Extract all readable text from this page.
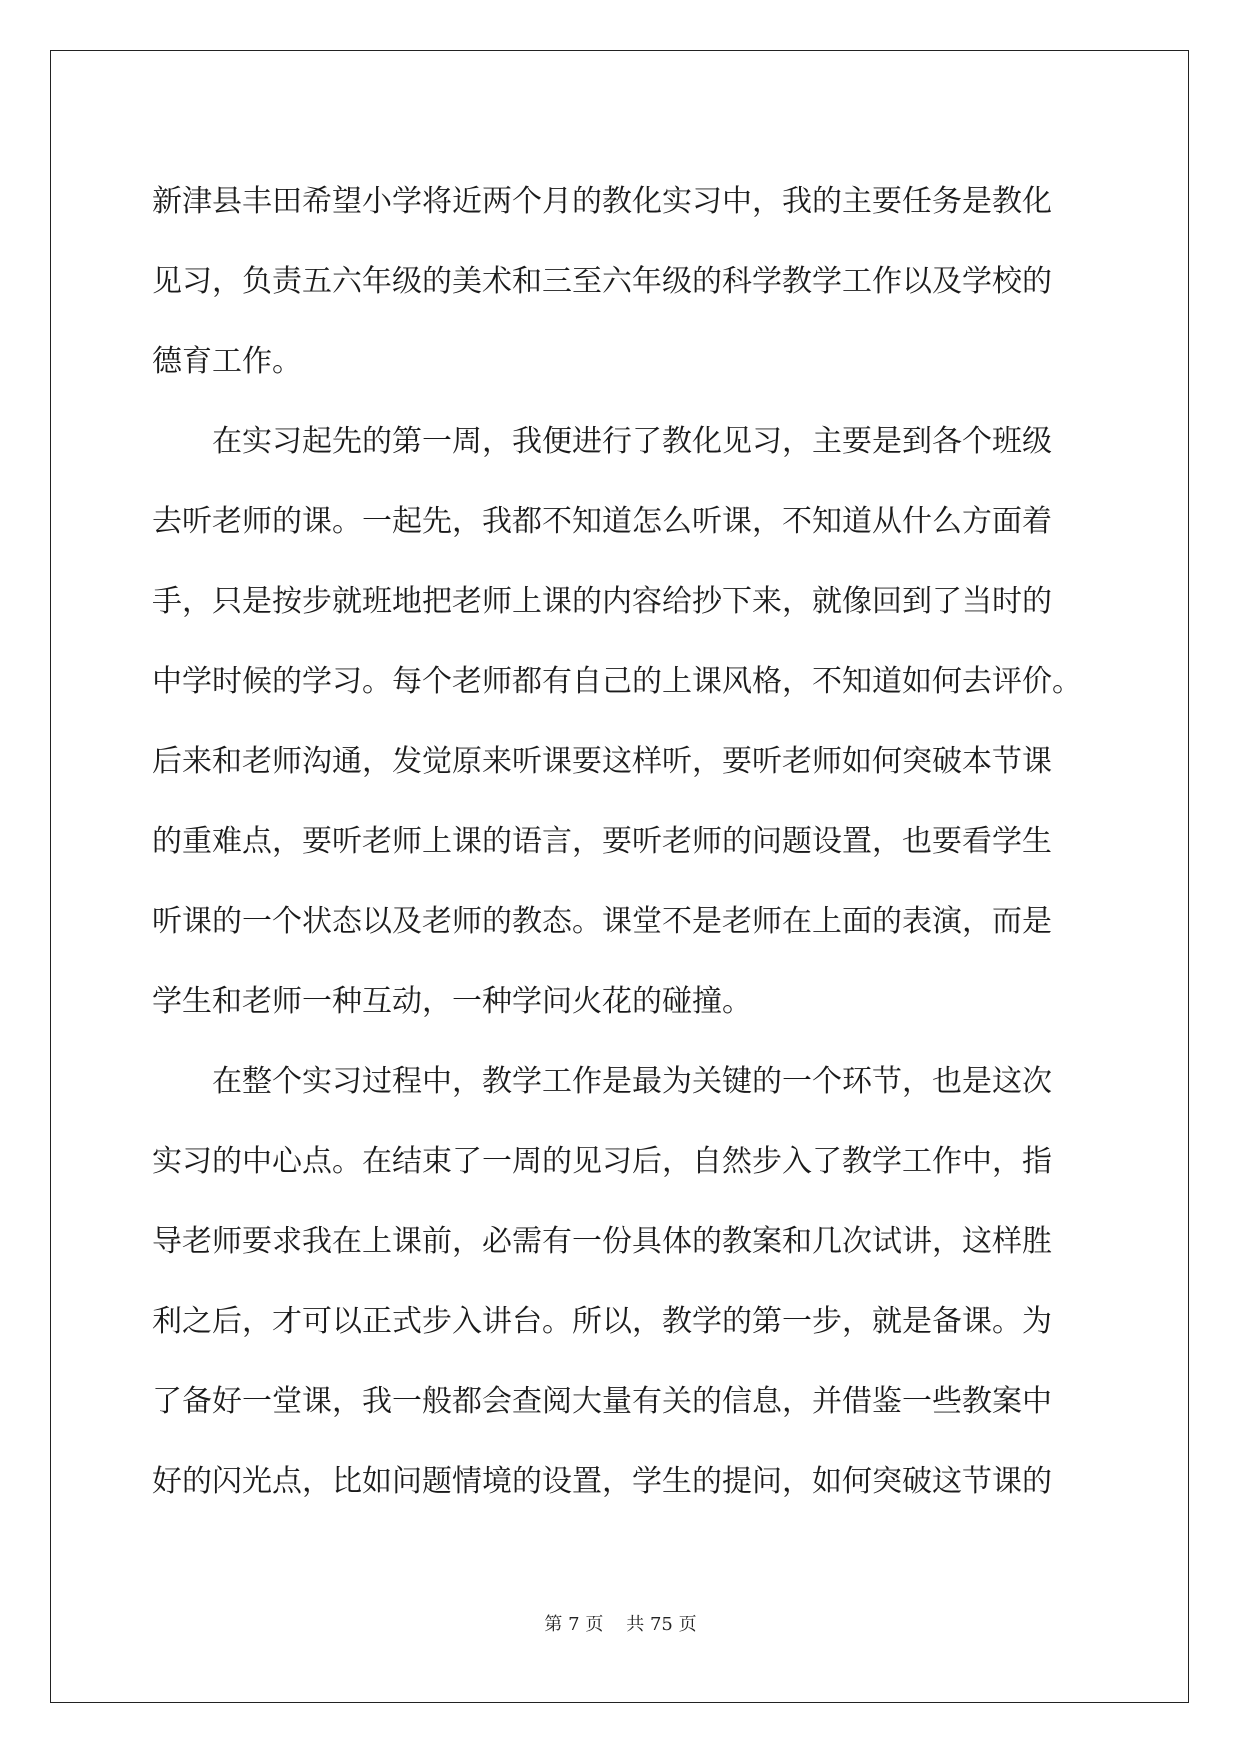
新津县丰田希望小学将近两个月的教化实习中，我的主要任务是教化
见习，负责五六年级的美术和三至六年级的科学教学工作以及学校的
德育工作。
在实习起先的第一周，我便进行了教化见习，主要是到各个班级
去听老师的课。一起先，我都不知道怎么听课，不知道从什么方面着
手，只是按步就班地把老师上课的内容给抄下来，就像回到了当时的
中学时候的学习。每个老师都有自己的上课风格，不知道如何去评价。
后来和老师沟通，发觉原来听课要这样听，要听老师如何突破本节课
的重难点，要听老师上课的语言，要听老师的问题设置，也要看学生
听课的一个状态以及老师的教态。课堂不是老师在上面的表演，而是
学生和老师一种互动，一种学问火花的碰撞。
在整个实习过程中，教学工作是最为关键的一个环节，也是这次
实习的中心点。在结束了一周的见习后，自然步入了教学工作中，指
导老师要求我在上课前，必需有一份具体的教案和几次试讲，这样胜
利之后，才可以正式步入讲台。所以，教学的第一步，就是备课。为
了备好一堂课，我一般都会查阅大量有关的信息，并借鉴一些教案中
好的闪光点，比如问题情境的设置，学生的提问，如何突破这节课的
第 7 页 共 75 页
